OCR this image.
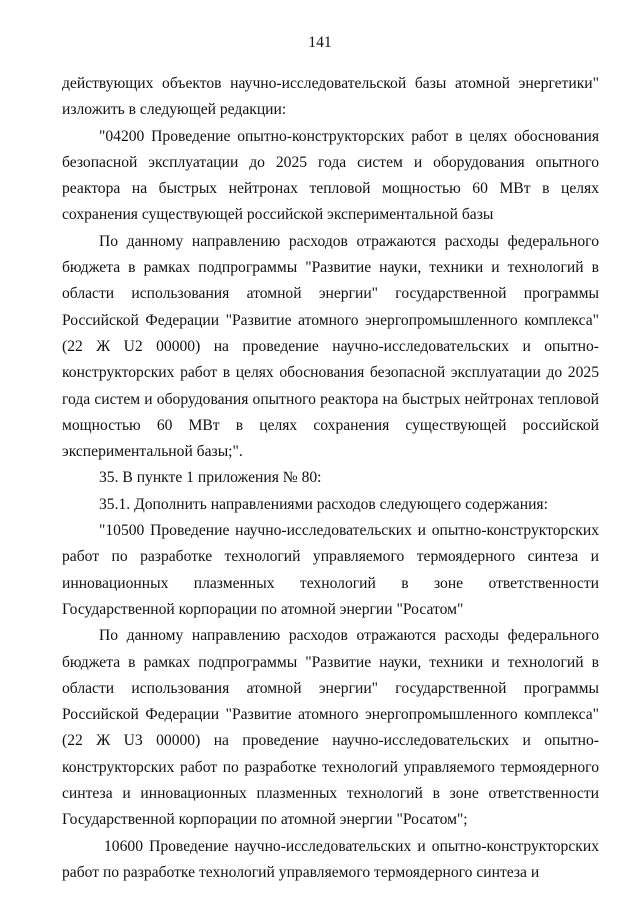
141

действующих объектов научно-исследовательской базы атомной энергетики" изложить в следующей редакции:

"04200 Проведение опытно-конструкторских работ в целях обоснования безопасной эксплуатации до 2025 года систем и оборудования опытного реактора на быстрых нейтронах тепловой мощностью 60 МВт в целях сохранения существующей российской экспериментальной базы

По данному направлению расходов отражаются расходы федерального бюджета в рамках подпрограммы "Развитие науки, техники и технологий в области использования атомной энергии" государственной программы Российской Федерации "Развитие атомного энергопромышленного комплекса" (22 Ж U2 00000) на проведение научно-исследовательских и опытно-конструкторских работ в целях обоснования безопасной эксплуатации до 2025 года систем и оборудования опытного реактора на быстрых нейтронах тепловой мощностью 60 МВт в целях сохранения существующей российской экспериментальной базы;".

35. В пункте 1 приложения № 80:

35.1. Дополнить направлениями расходов следующего содержания:

"10500 Проведение научно-исследовательских и опытно-конструкторских работ по разработке технологий управляемого термоядерного синтеза и инновационных плазменных технологий в зоне ответственности Государственной корпорации по атомной энергии "Росатом"

По данному направлению расходов отражаются расходы федерального бюджета в рамках подпрограммы "Развитие науки, техники и технологий в области использования атомной энергии" государственной программы Российской Федерации "Развитие атомного энергопромышленного комплекса" (22 Ж U3 00000) на проведение научно-исследовательских и опытно-конструкторских работ по разработке технологий управляемого термоядерного синтеза и инновационных плазменных технологий в зоне ответственности Государственной корпорации по атомной энергии "Росатом";

10600 Проведение научно-исследовательских и опытно-конструкторских работ по разработке технологий управляемого термоядерного синтеза и
